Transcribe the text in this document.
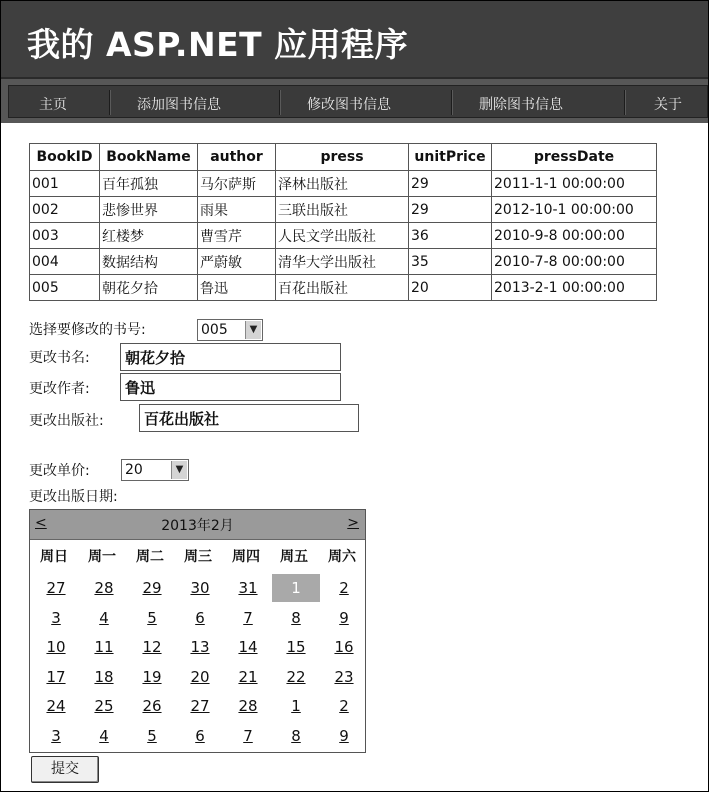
我的 ASP.NET 应用程序
主页	添加图书信息	修改图书信息	删除图书信息	关于
BookID	BookName	author	press	unitPrice	pressDate
001	百年孤独	马尔萨斯	泽林出版社	29	2011-1-1 00:00:00
002	悲惨世界	雨果	三联出版社	29	2012-10-1 00:00:00
003	红楼梦	曹雪芹	人民文学出版社	36	2010-9-8 00:00:00
004	数据结构	严蔚敏	清华大学出版社	35	2010-7-8 00:00:00
005	朝花夕拾	鲁迅	百花出版社	20	2013-2-1 00:00:00
选择要修改的书号:	005	▼
更改书名:	朝花夕拾
更改作者:	鲁迅
更改出版社:	百花出版社
更改单价:	20	▼
更改出版日期:
<	2013年2月	>
周日	周一	周二	周三	周四	周五	周六
27	28	29	30	31	1	2
3	4	5	6	7	8	9
10	11	12	13	14	15	16
17	18	19	20	21	22	23
24	25	26	27	28	1	2
3	4	5	6	7	8	9
提交
